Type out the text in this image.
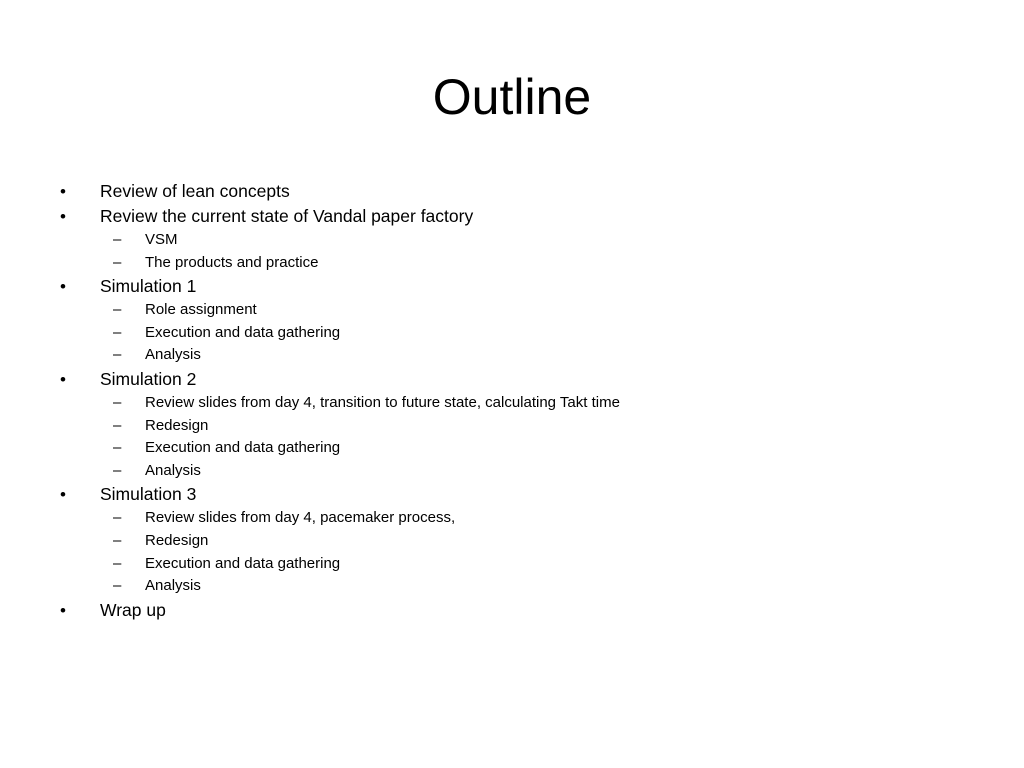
Outline
• Review of lean concepts
• Review the current state of Vandal paper factory
– VSM
– The products and practice
• Simulation 1
– Role assignment
– Execution and data gathering
– Analysis
• Simulation 2
– Review slides from day 4, transition to future state, calculating Takt time
– Redesign
– Execution and data gathering
– Analysis
• Simulation 3
– Review slides from day 4, pacemaker process,
– Redesign
– Execution and data gathering
– Analysis
• Wrap up
